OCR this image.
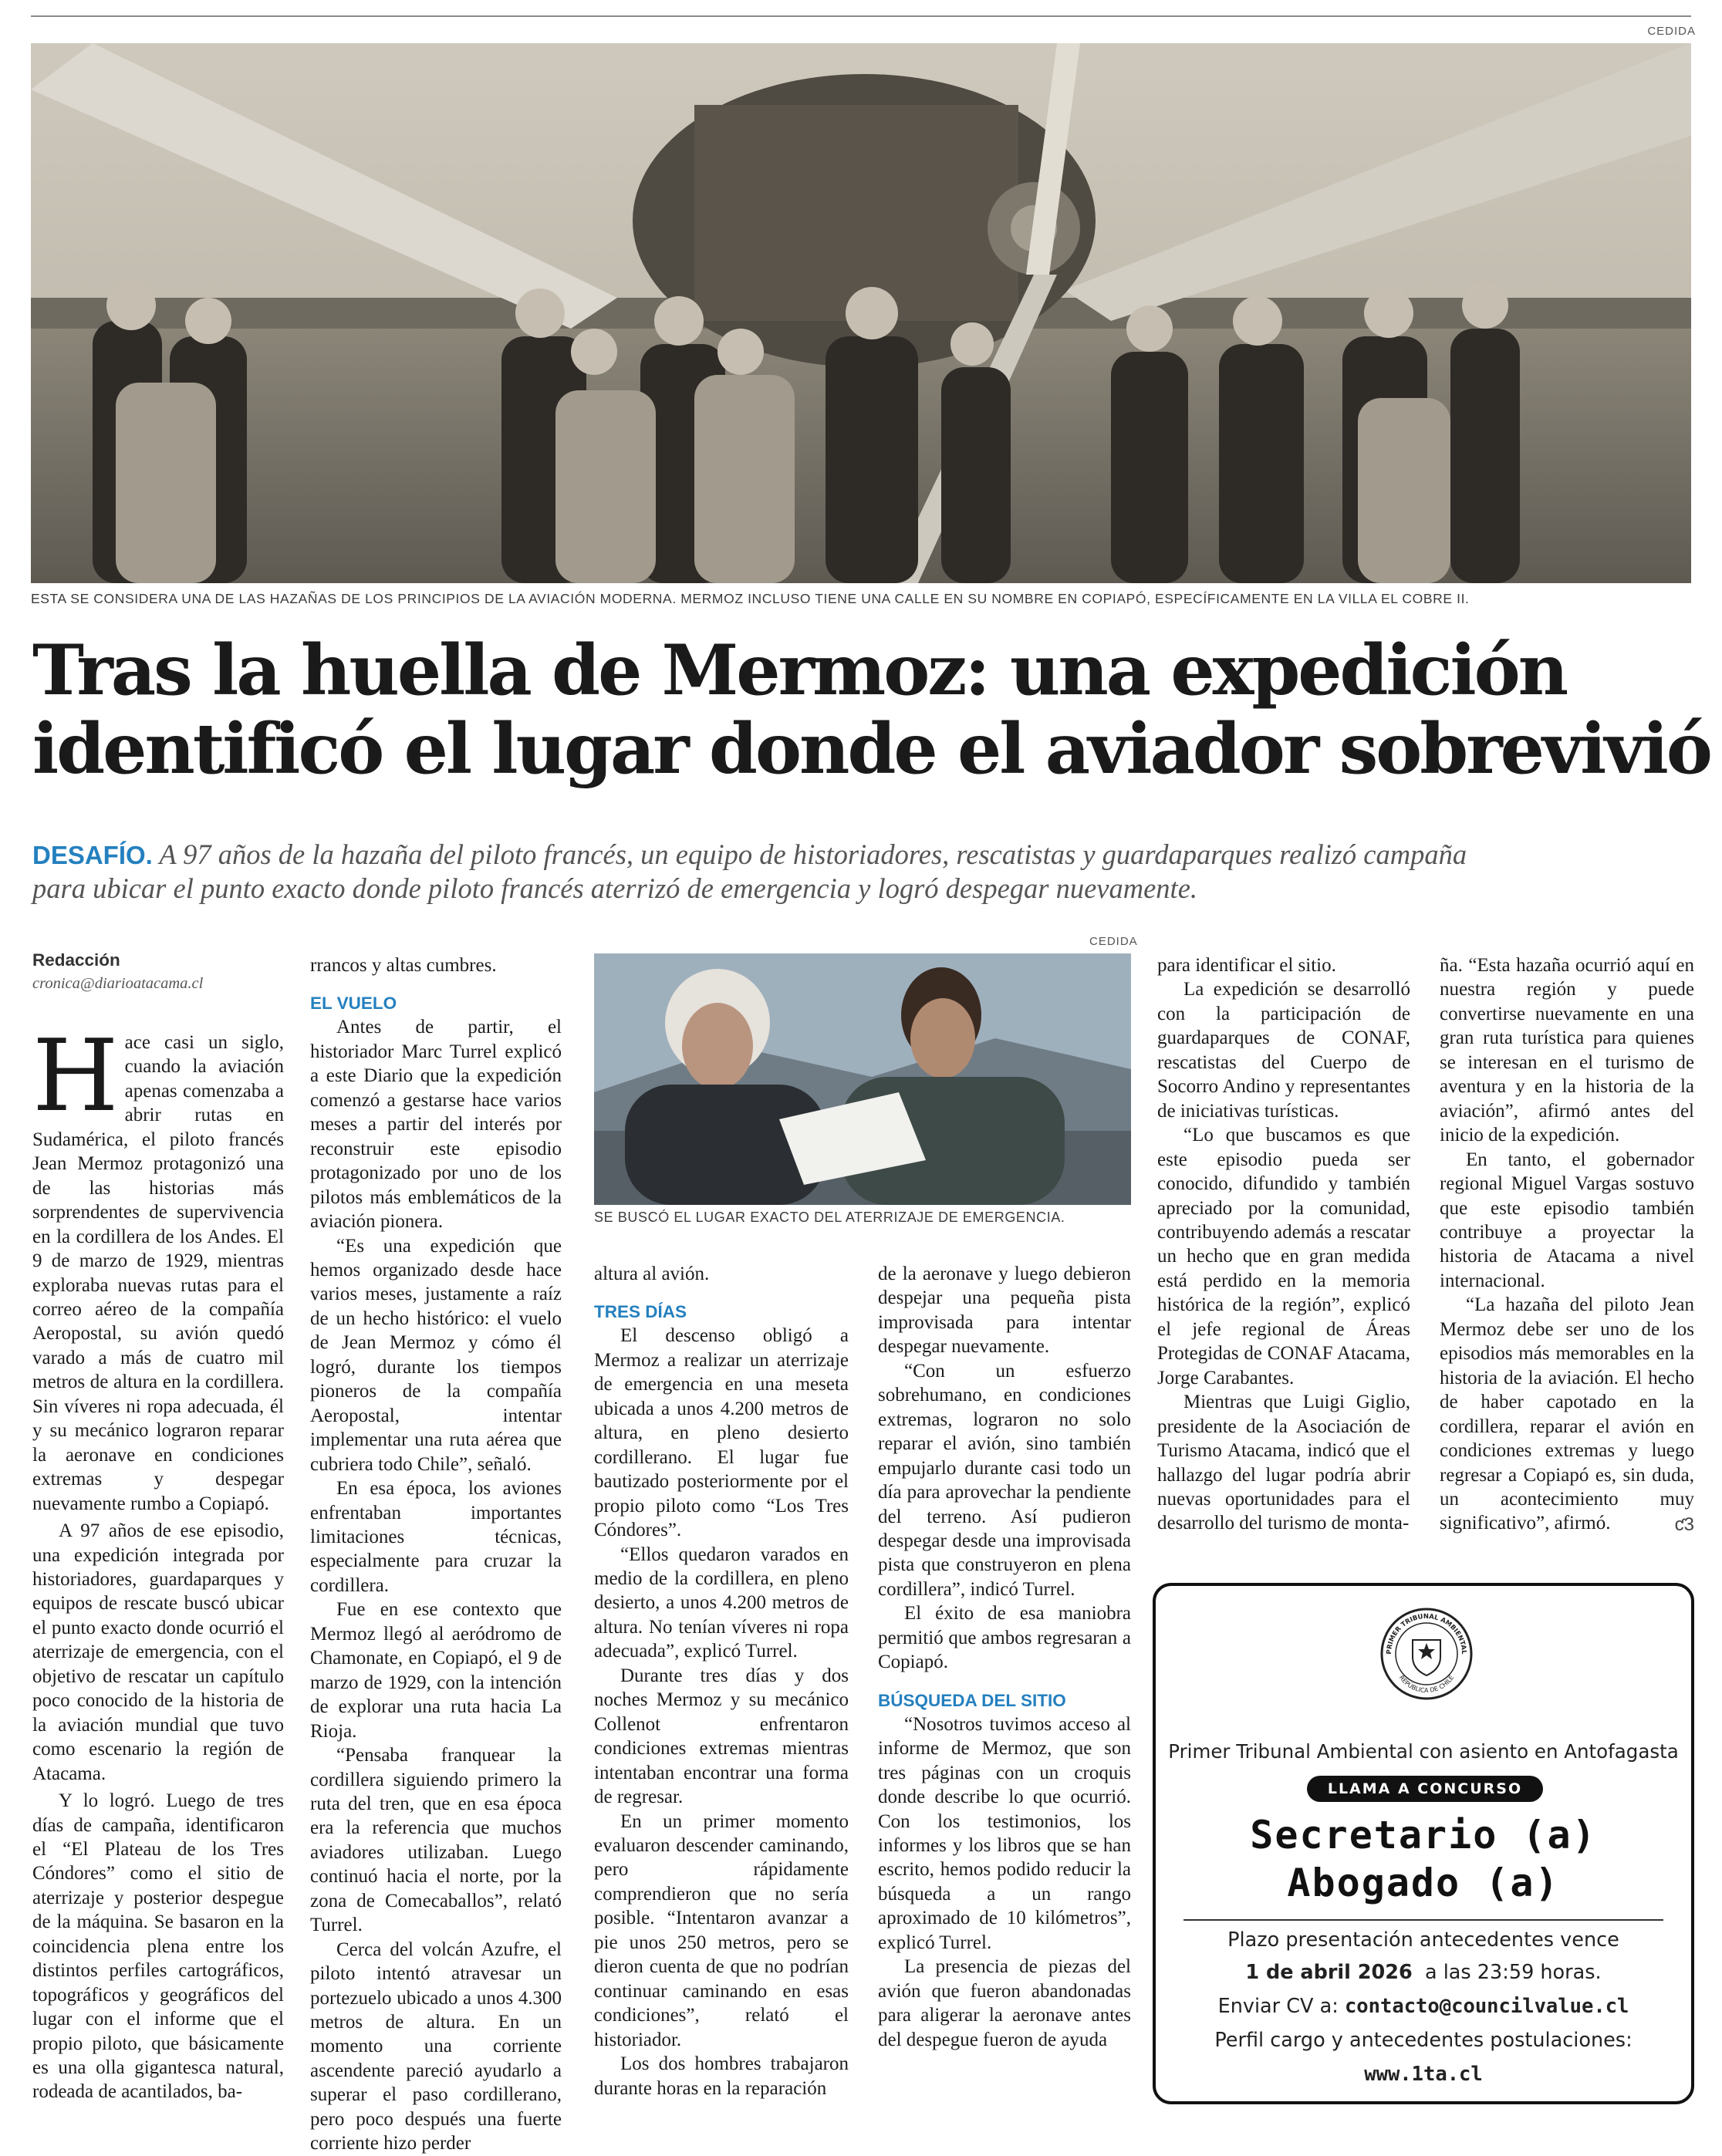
CEDIDA
ESTA SE CONSIDERA UNA DE LAS HAZAÑAS DE LOS PRINCIPIOS DE LA AVIACIÓN MODERNA. MERMOZ INCLUSO TIENE UNA CALLE EN SU NOMBRE EN COPIAPÓ, ESPECÍFICAMENTE EN LA VILLA EL COBRE II.
Tras la huella de Mermoz: una expedición
identificó el lugar donde el aviador sobrevivió
DESAFÍO. A 97 años de la hazaña del piloto francés, un equipo de historiadores, rescatistas y guardaparques realizó campaña
para ubicar el punto exacto donde piloto francés aterrizó de emergencia y logró despegar nuevamente.
Redacción
cronica@diarioatacama.cl

Hace casi un siglo, cuando la aviación apenas comenzaba a abrir rutas en Sudamérica, el piloto francés Jean Mermoz protagonizó una de las historias más sorprendentes de supervivencia en la cordillera de los Andes. El 9 de marzo de 1929, mientras exploraba nuevas rutas para el correo aéreo de la compañía Aeropostal, su avión quedó varado a más de cuatro mil metros de altura en la cordillera. Sin víveres ni ropa adecuada, él y su mecánico lograron reparar la aeronave en condiciones extremas y despegar nuevamente rumbo a Copiapó.

A 97 años de ese episodio, una expedición integrada por historiadores, guardaparques y equipos de rescate buscó ubicar el punto exacto donde ocurrió el aterrizaje de emergencia, con el objetivo de rescatar un capítulo poco conocido de la historia de la aviación mundial que tuvo como escenario la región de Atacama.

Y lo logró. Luego de tres días de campaña, identificaron el “El Plateau de los Tres Cóndores” como el sitio de aterrizaje y posterior despegue de la máquina. Se basaron en la coincidencia plena entre los distintos perfiles cartográficos, topográficos y geográficos del lugar con el informe que el propio piloto, que básicamente es una olla gigantesca natural, rodeada de acantilados, ba-

rrancos y altas cumbres.

EL VUELO

Antes de partir, el historiador Marc Turrel explicó a este Diario que la expedición comenzó a gestarse hace varios meses a partir del interés por reconstruir este episodio protagonizado por uno de los pilotos más emblemáticos de la aviación pionera.

“Es una expedición que hemos organizado desde hace varios meses, justamente a raíz de un hecho histórico: el vuelo de Jean Mermoz y cómo él logró, durante los tiempos pioneros de la compañía Aeropostal, intentar implementar una ruta aérea que cubriera todo Chile”, señaló.

En esa época, los aviones enfrentaban importantes limitaciones técnicas, especialmente para cruzar la cordillera.

Fue en ese contexto que Mermoz llegó al aeródromo de Chamonate, en Copiapó, el 9 de marzo de 1929, con la intención de explorar una ruta hacia La Rioja.

“Pensaba franquear la cordillera siguiendo primero la ruta del tren, que en esa época era la referencia que muchos aviadores utilizaban. Luego continuó hacia el norte, por la zona de Comecaballos”, relató Turrel.

Cerca del volcán Azufre, el piloto intentó atravesar un portezuelo ubicado a unos 4.300 metros de altura. En un momento una corriente ascendente pareció ayudarlo a superar el paso cordillerano, pero poco después una fuerte corriente hizo perder

CEDIDA
SE BUSCÓ EL LUGAR EXACTO DEL ATERRIZAJE DE EMERGENCIA.

altura al avión.

TRES DÍAS

El descenso obligó a Mermoz a realizar un aterrizaje de emergencia en una meseta ubicada a unos 4.200 metros de altura, en pleno desierto cordillerano. El lugar fue bautizado posteriormente por el propio piloto como “Los Tres Cóndores”.

“Ellos quedaron varados en medio de la cordillera, en pleno desierto, a unos 4.200 metros de altura. No tenían víveres ni ropa adecuada”, explicó Turrel.

Durante tres días y dos noches Mermoz y su mecánico Collenot enfrentaron condiciones extremas mientras intentaban encontrar una forma de regresar.

En un primer momento evaluaron descender caminando, pero rápidamente comprendieron que no sería posible. “Intentaron avanzar a pie unos 250 metros, pero se dieron cuenta de que no podrían continuar caminando en esas condiciones”, relató el historiador.

Los dos hombres trabajaron durante horas en la reparación

de la aeronave y luego debieron despejar una pequeña pista improvisada para intentar despegar nuevamente.

“Con un esfuerzo sobrehumano, en condiciones extremas, lograron no solo reparar el avión, sino también empujarlo durante casi todo un día para aprovechar la pendiente del terreno. Así pudieron despegar desde una improvisada pista que construyeron en plena cordillera”, indicó Turrel.

El éxito de esa maniobra permitió que ambos regresaran a Copiapó.

BÚSQUEDA DEL SITIO

“Nosotros tuvimos acceso al informe de Mermoz, que son tres páginas con un croquis donde describe lo que ocurrió. Con los testimonios, los informes y los libros que se han escrito, hemos podido reducir la búsqueda a un rango aproximado de 10 kilómetros”, explicó Turrel.

La presencia de piezas del avión que fueron abandonadas para aligerar la aeronave antes del despegue fueron de ayuda

para identificar el sitio.

La expedición se desarrolló con la participación de guardaparques de CONAF, rescatistas del Cuerpo de Socorro Andino y representantes de iniciativas turísticas.

“Lo que buscamos es que este episodio pueda ser conocido, difundido y también apreciado por la comunidad, contribuyendo además a rescatar un hecho que en gran medida está perdido en la memoria histórica de la región”, explicó el jefe regional de Áreas Protegidas de CONAF Atacama, Jorge Carabantes.

Mientras que Luigi Giglio, presidente de la Asociación de Turismo Atacama, indicó que el hallazgo del lugar podría abrir nuevas oportunidades para el desarrollo del turismo de monta-

ña. “Esta hazaña ocurrió aquí en nuestra región y puede convertirse nuevamente en una gran ruta turística para quienes se interesan en el turismo de aventura y en la historia de la aviación”, afirmó antes del inicio de la expedición.

En tanto, el gobernador regional Miguel Vargas sostuvo que este episodio también contribuye a proyectar la historia de Atacama a nivel internacional.

“La hazaña del piloto Jean Mermoz debe ser uno de los episodios más memorables en la historia de la aviación. El hecho de haber capotado en la cordillera, reparar el avión en condiciones extremas y luego regresar a Copiapó es, sin duda, un acontecimiento muy significativo”, afirmó.	ƈ3
PRIMER TRIBUNAL AMBIENTAL
REPÚBLICA DE CHILE
Primer Tribunal Ambiental con asiento en Antofagasta
LLAMA A CONCURSO
Secretario (a)
Abogado (a)
Plazo presentación antecedentes vence
1 de abril 2026 a las 23:59 horas.
Enviar CV a: contacto@councilvalue.cl
Perfil cargo y antecedentes postulaciones:
www.1ta.cl
